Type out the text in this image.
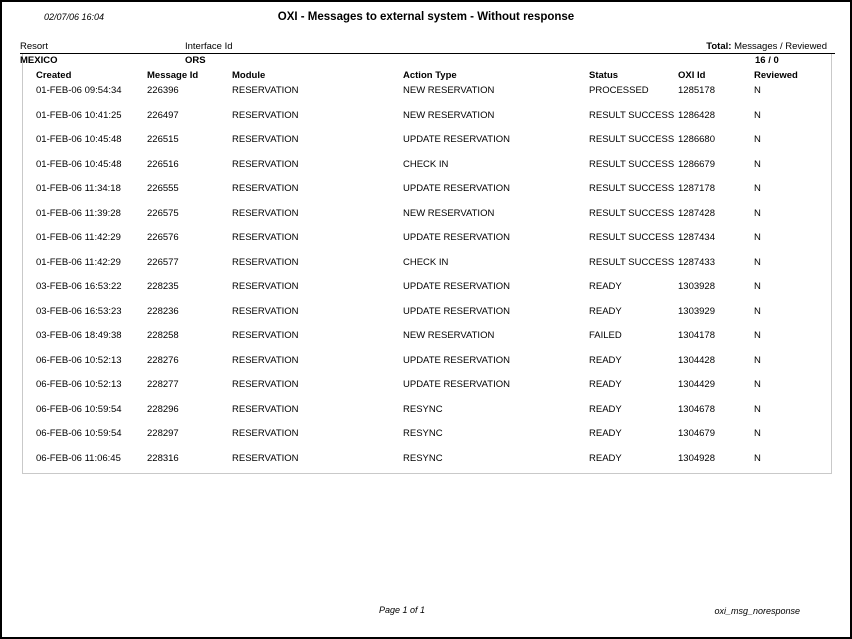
02/07/06 16:04	OXI - Messages to external system - Without response
Resort	Interface Id	Total: Messages / Reviewed
MEXICO	ORS	16 / 0
Created	Message Id	Module	Action Type	Status	OXI Id	Reviewed
01-FEB-06 09:54:34	226396	RESERVATION	NEW RESERVATION	PROCESSED	1285178	N
01-FEB-06 10:41:25	226497	RESERVATION	NEW RESERVATION	RESULT SUCCESS 1286428	N
01-FEB-06 10:45:48	226515	RESERVATION	UPDATE RESERVATION	RESULT SUCCESS 1286680	N
01-FEB-06 10:45:48	226516	RESERVATION	CHECK IN	RESULT SUCCESS 1286679	N
01-FEB-06 11:34:18	226555	RESERVATION	UPDATE RESERVATION	RESULT SUCCESS 1287178	N
01-FEB-06 11:39:28	226575	RESERVATION	NEW RESERVATION	RESULT SUCCESS 1287428	N
01-FEB-06 11:42:29	226576	RESERVATION	UPDATE RESERVATION	RESULT SUCCESS 1287434	N
01-FEB-06 11:42:29	226577	RESERVATION	CHECK IN	RESULT SUCCESS 1287433	N
03-FEB-06 16:53:22	228235	RESERVATION	UPDATE RESERVATION	READY	1303928	N
03-FEB-06 16:53:23	228236	RESERVATION	UPDATE RESERVATION	READY	1303929	N
03-FEB-06 18:49:38	228258	RESERVATION	NEW RESERVATION	FAILED	1304178	N
06-FEB-06 10:52:13	228276	RESERVATION	UPDATE RESERVATION	READY	1304428	N
06-FEB-06 10:52:13	228277	RESERVATION	UPDATE RESERVATION	READY	1304429	N
06-FEB-06 10:59:54	228296	RESERVATION	RESYNC	READY	1304678	N
06-FEB-06 10:59:54	228297	RESERVATION	RESYNC	READY	1304679	N
06-FEB-06 11:06:45	228316	RESERVATION	RESYNC	READY	1304928	N
Page 1 of 1	oxi_msg_noresponse
